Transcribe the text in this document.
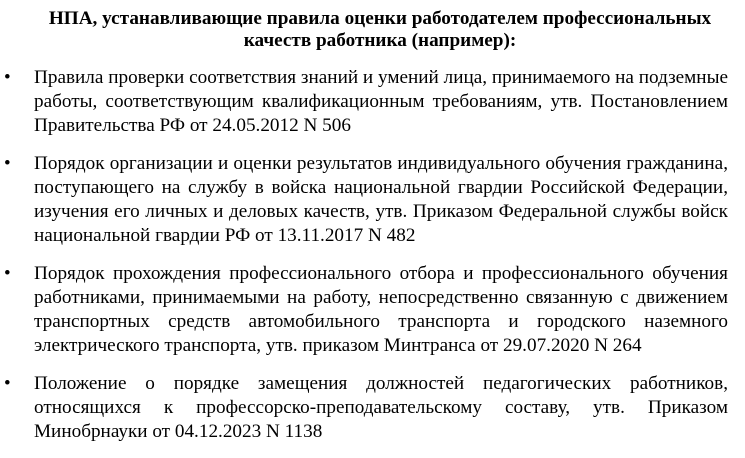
НПА, устанавливающие правила оценки работодателем профессиональных
качеств работника (например):
• Правила проверки соответствия знаний и умений лица, принимаемого на подземные работы, соответствующим квалификационным требованиям, утв. Постановлением Правительства РФ от 24.05.2012 N 506
• Порядок организации и оценки результатов индивидуального обучения гражданина, поступающего на службу в войска национальной гвардии Российской Федерации, изучения его личных и деловых качеств, утв. Приказом Федеральной службы войск национальной гвардии РФ от 13.11.2017 N 482
• Порядок прохождения профессионального отбора и профессионального обучения работниками, принимаемыми на работу, непосредственно связанную с движением транспортных средств автомобильного транспорта и городского наземного электрического транспорта, утв. приказом Минтранса от 29.07.2020 N 264
• Положение о порядке замещения должностей педагогических работников, относящихся к профессорско-преподавательскому составу, утв. Приказом Минобрнауки от 04.12.2023 N 1138
